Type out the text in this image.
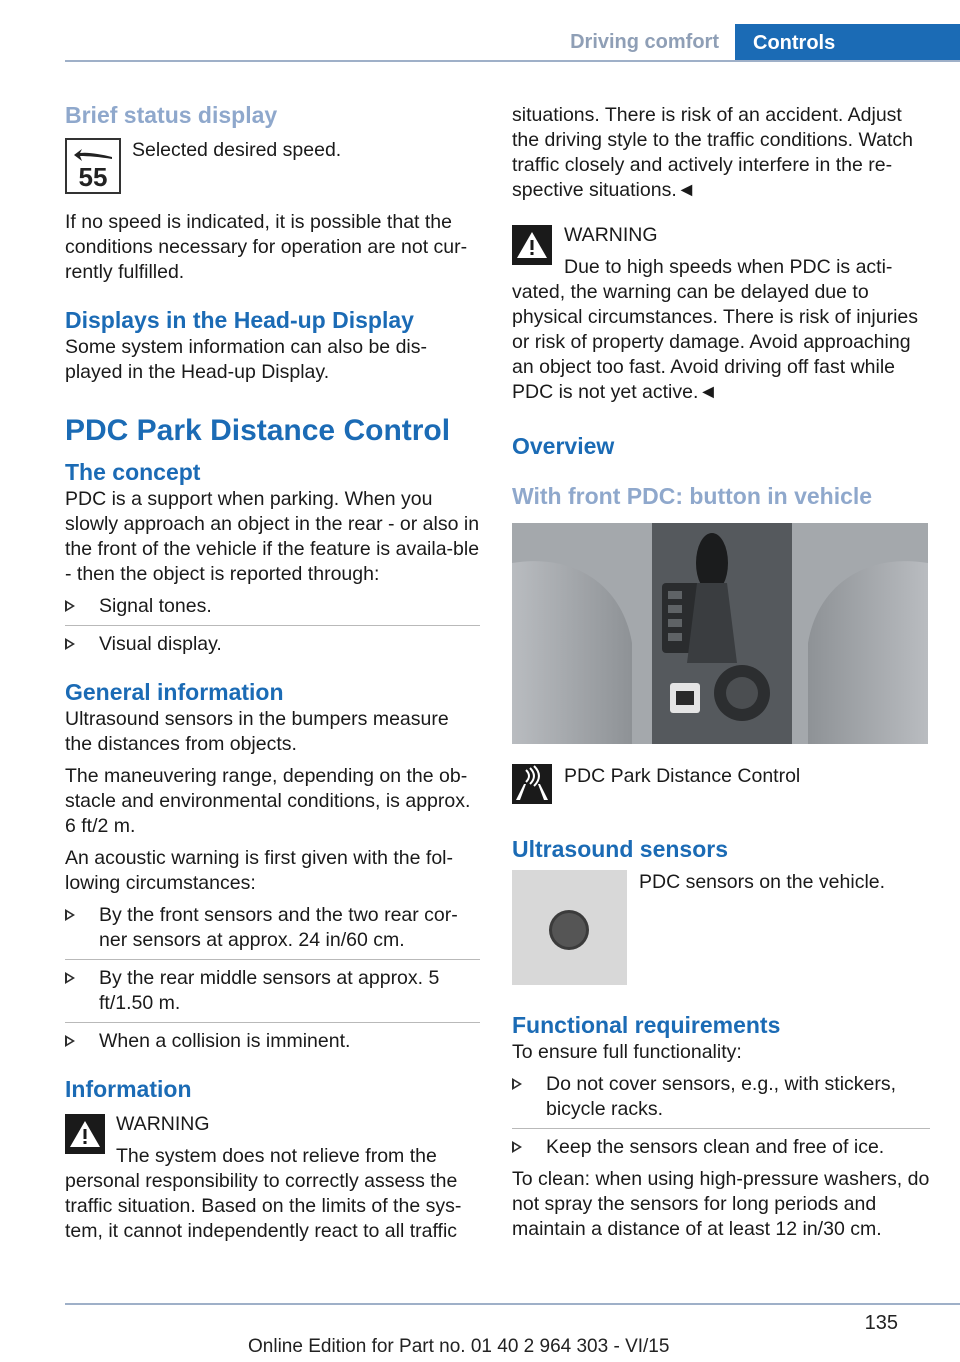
Driving comfort	Controls
Brief status display
55

Selected desired speed.

If no speed is indicated, it is possible that the conditions necessary for operation are not cur‐rently fulfilled.

Displays in the Head-up Display

Some system information can also be dis‐played in the Head-up Display.

PDC Park Distance Control
The concept

PDC is a support when parking. When you slowly approach an object in the rear - or also in the front of the vehicle if the feature is availa‐ble - then the object is reported through:

Signal tones.
Visual display.
General information

Ultrasound sensors in the bumpers measure the distances from objects.

The maneuvering range, depending on the ob‐stacle and environmental conditions, is approx. 6 ft/2 m.

An acoustic warning is first given with the fol‐lowing circumstances:

By the front sensors and the two rear cor‐ner sensors at approx. 24 in/60 cm.
By the rear middle sensors at approx. 5 ft/1.50 m.
When a collision is imminent.
Information

WARNING

The system does not relieve from the

personal responsibility to correctly assess the traffic situation. Based on the limits of the sys‐tem, it cannot independently react to all traffic

situations. There is risk of an accident. Adjust the driving style to the traffic conditions. Watch traffic closely and actively interfere in the re‐spective situations.◄

WARNING

Due to high speeds when PDC is acti‐

vated, the warning can be delayed due to physical circumstances. There is risk of injuries or risk of property damage. Avoid approaching an object too fast. Avoid driving off fast while PDC is not yet active.◄

Overview
With front PDC: button in vehicle

PDC Park Distance Control

Ultrasound sensors

PDC sensors on the vehicle.

Functional requirements

To ensure full functionality:

Do not cover sensors, e.g., with stickers, bicycle racks.
Keep the sensors clean and free of ice.

To clean: when using high-pressure washers, do not spray the sensors for long periods and maintain a distance of at least 12 in/30 cm.

135
Online Edition for Part no. 01 40 2 964 303 - VI/15
